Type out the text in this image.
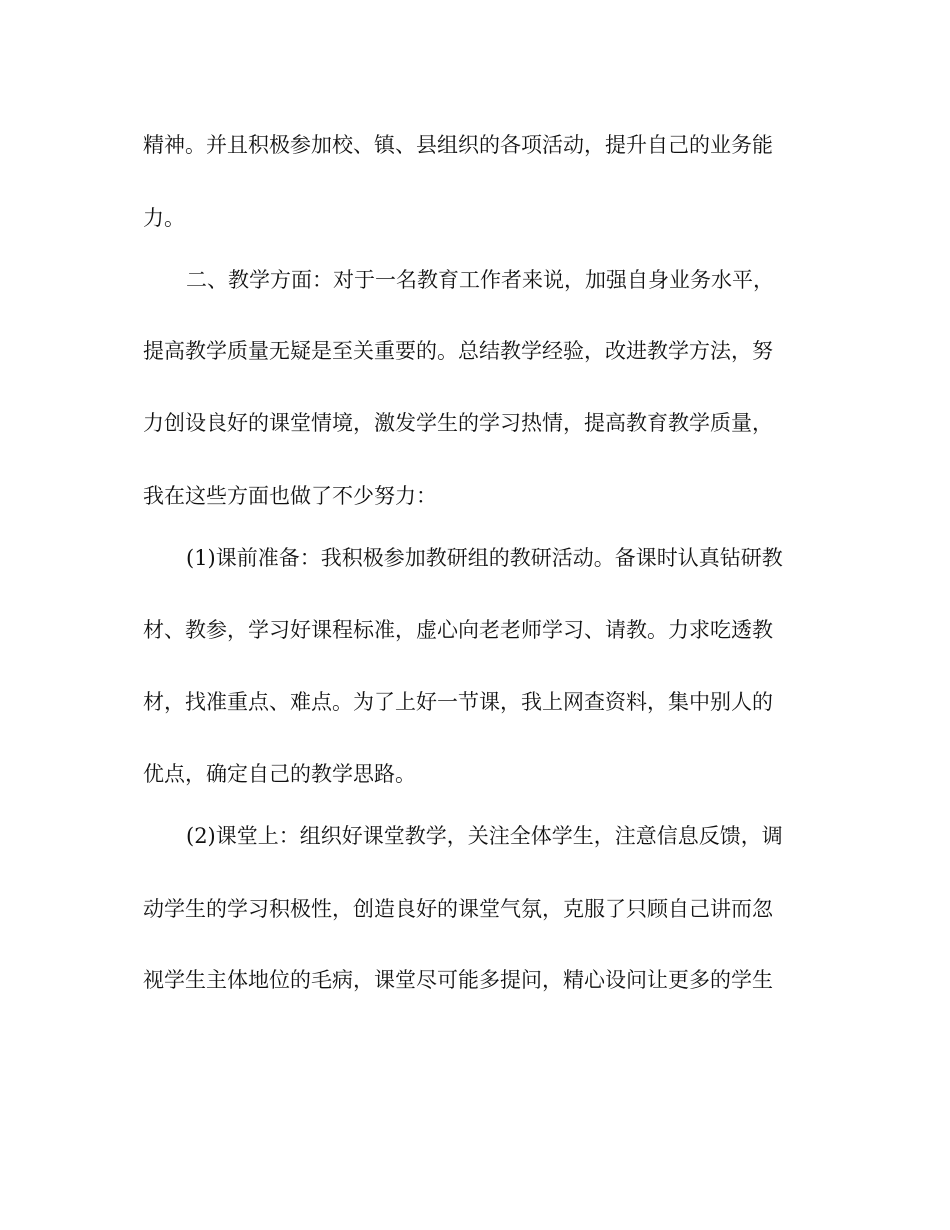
精神。并且积极参加校、镇、县组织的各项活动，提升自己的业务能
力。
二、教学方面：对于一名教育工作者来说，加强自身业务水平，
提高教学质量无疑是至关重要的。总结教学经验，改进教学方法，努
力创设良好的课堂情境，激发学生的学习热情，提高教育教学质量，
我在这些方面也做了不少努力：
(1)课前准备：我积极参加教研组的教研活动。备课时认真钻研教
材、教参，学习好课程标准，虚心向老老师学习、请教。力求吃透教
材，找准重点、难点。为了上好一节课，我上网查资料，集中别人的
优点，确定自己的教学思路。
(2)课堂上：组织好课堂教学，关注全体学生，注意信息反馈，调
动学生的学习积极性，创造良好的课堂气氛，克服了只顾自己讲而忽
视学生主体地位的毛病，课堂尽可能多提问，精心设问让更多的学生
